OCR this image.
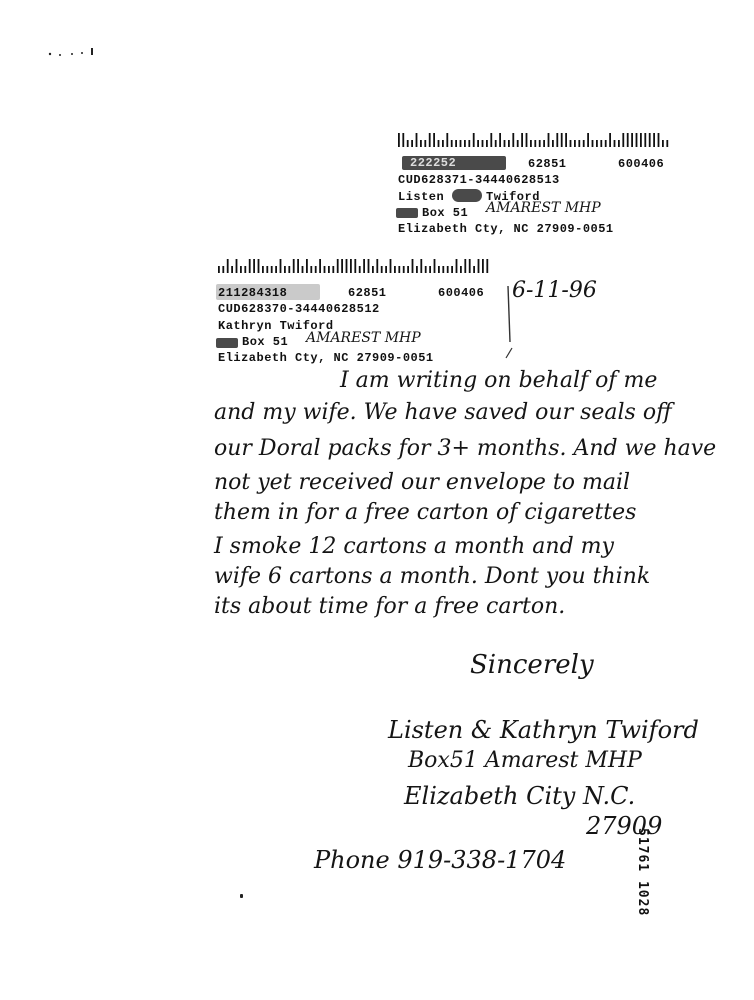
222252	62851	600406
CUD628371-34440628513
Listen	Twiford
Box 51 AMAREST MHP
Elizabeth Cty, NC 27909-0051
211284318	62851	600406
CUD628370-34440628512
Kathryn Twiford
Box 51 AMAREST MHP
Elizabeth Cty, NC 27909-0051
6-11-96
I am writing on behalf of me
and my wife. We have saved our seals off
our Doral packs for 3+ months. And we have
not yet received our envelope to mail
them in for a free carton of cigarettes
I smoke 12 cartons a month and my
wife 6 cartons a month. Dont you think
its about time for a free carton.
Sincerely
Listen & Kathryn Twiford
Box51 Amarest MHP
Elizabeth City N.C.
27909
Phone 919-338-1704	51761 1028
